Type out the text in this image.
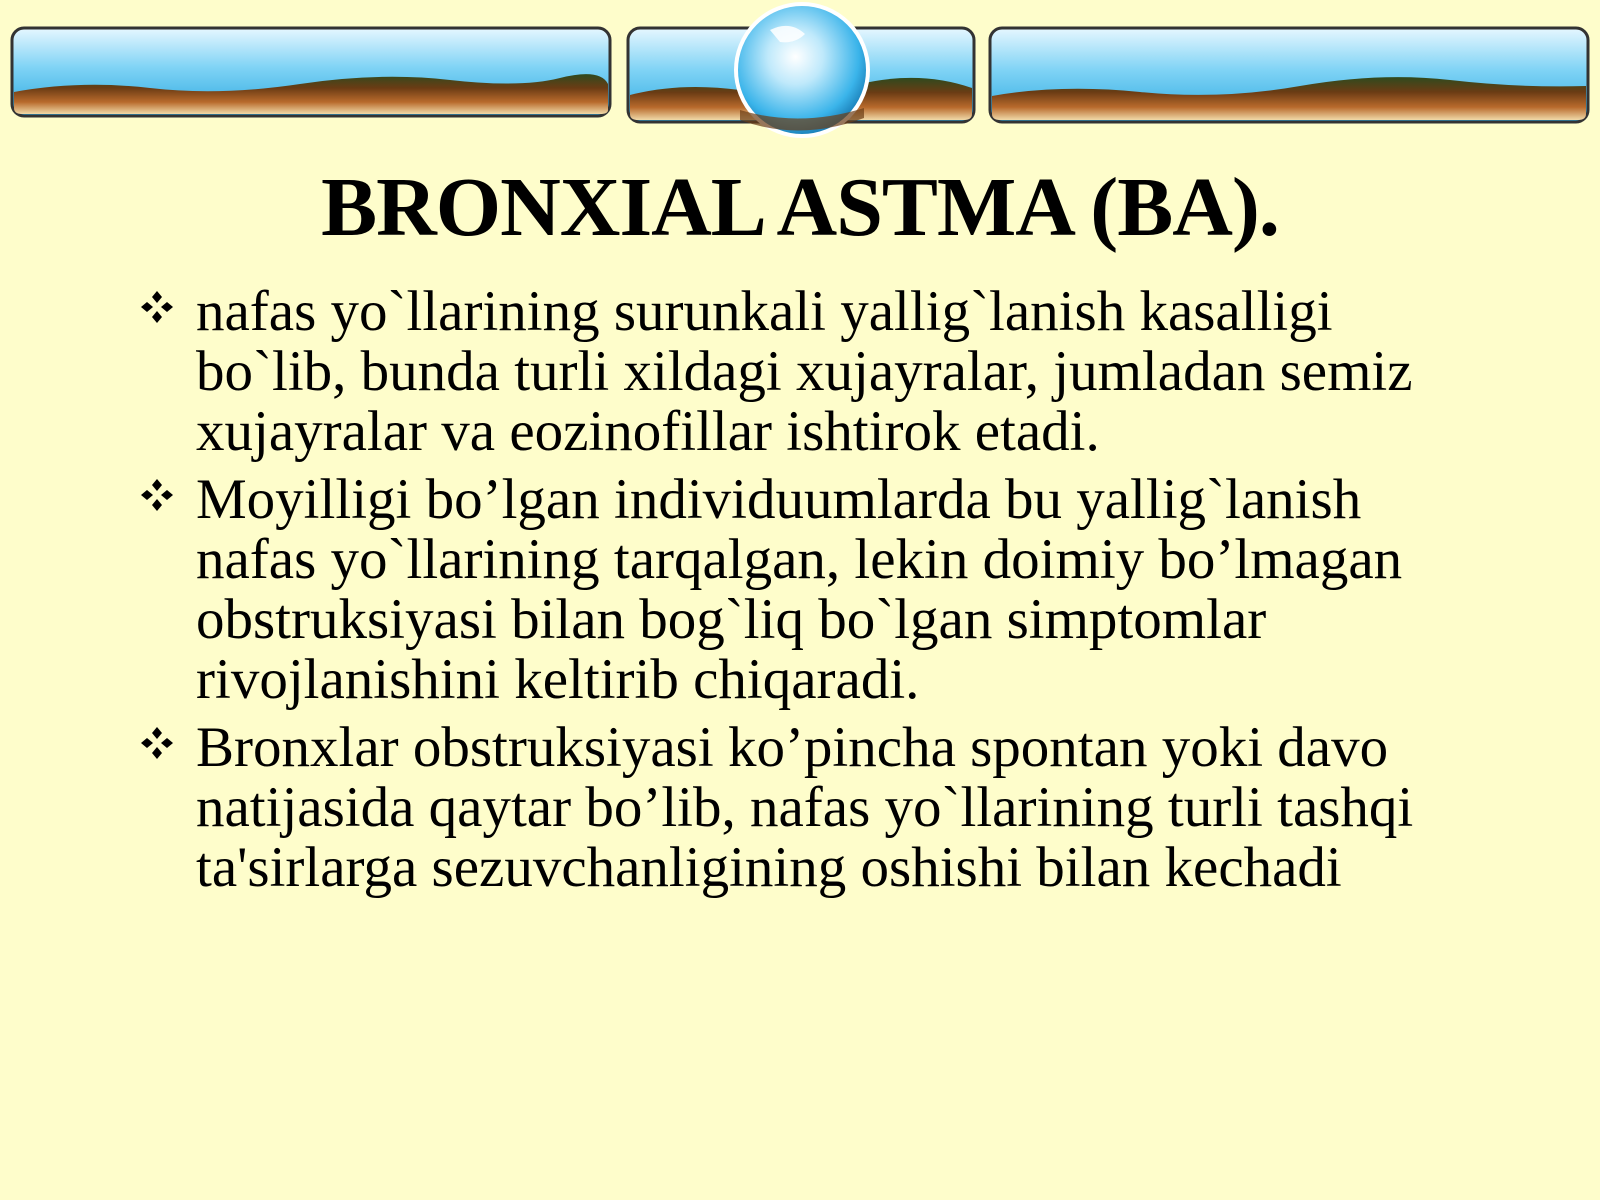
BRONXIAL ASTMA (BA).
nafas yo`llarining surunkali yallig`lanish kasalligi bo`lib, bunda turli xildagi xujayralar, jumladan semiz xujayralar va eozinofillar ishtirok etadi.
Moyilligi bo’lgan individuumlarda bu yallig`lanish nafas yo`llarining tarqalgan, lekin doimiy bo’lmagan obstruksiyasi bilan bog`liq bo`lgan simptomlar rivojlanishini keltirib chiqaradi.
Bronxlar obstruksiyasi ko’pincha spontan yoki davo natijasida qaytar bo’lib, nafas yo`llarining turli tashqi ta'sirlarga sezuvchanligining oshishi bilan kechadi
